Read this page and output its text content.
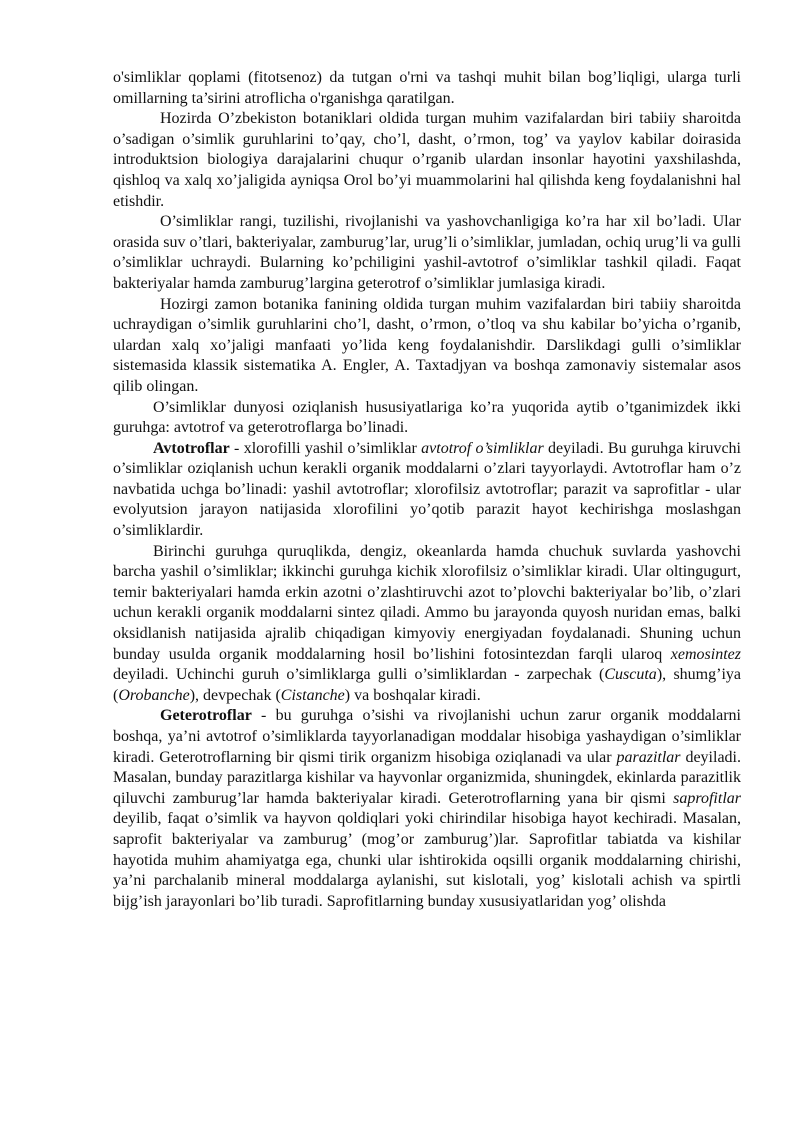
o'simliklar qoplami (fitotsenoz) da tutgan o'rni va tashqi muhit bilan bog’liqligi, ularga turli omillarning ta’sirini atroflicha o'rganishga qaratilgan.

Hozirda O’zbekiston botaniklari oldida turgan muhim vazifalardan biri tabiiy sharoitda o’sadigan o’simlik guruhlarini to’qay, cho’l, dasht, o’rmon, tog’ va yaylov kabilar doirasida introduktsion biologiya darajalarini chuqur o’rganib ulardan insonlar hayotini yaxshilashda, qishloq va xalq xo’jaligida ayniqsa Orol bo’yi muammolarini hal qilishda keng foydalanishni hal etishdir.

O’simliklar rangi, tuzilishi, rivojlanishi va yashovchanligiga ko’ra har xil bo’ladi. Ular orasida suv o’tlari, bakteriyalar, zamburug’lar, urug’li o’simliklar, jumladan, ochiq urug’li va gulli o’simliklar uchraydi. Bularning ko’pchiligini yashil-avtotrof o’simliklar tashkil qiladi. Faqat bakteriyalar hamda zamburug’largina geterotrof o’simliklar jumlasiga kiradi.

Hozirgi zamon botanika fanining oldida turgan muhim vazifalardan biri tabiiy sharoitda uchraydigan o’simlik guruhlarini cho’l, dasht, o’rmon, o’tloq va shu kabilar bo’yicha o’rganib, ulardan xalq xo’jaligi manfaati yo’lida keng foydalanishdir. Darslikdagi gulli o’simliklar sistemasida klassik sistematika A. Engler, A. Taxtadjyan va boshqa zamonaviy sistemalar asos qilib olingan.

O’simliklar dunyosi oziqlanish hususiyatlariga ko’ra yuqorida aytib o’tganimizdek ikki guruhga: avtotrof va geterotroflarga bo’linadi.

Avtotroflar - xlorofilli yashil o’simliklar avtotrof o’simliklar deyiladi. Bu guruhga kiruvchi o’simliklar oziqlanish uchun kerakli organik moddalarni o’zlari tayyorlaydi. Avtotroflar ham o’z navbatida uchga bo’linadi: yashil avtotroflar; xlorofilsiz avtotroflar; parazit va saprofitlar - ular evolyutsion jarayon natijasida xlorofilini yo’qotib parazit hayot kechirishga moslashgan o’simliklardir.

Birinchi guruhga quruqlikda, dengiz, okeanlarda hamda chuchuk suvlarda yashovchi barcha yashil o’simliklar; ikkinchi guruhga kichik xlorofilsiz o’simliklar kiradi. Ular oltingugurt, temir bakteriyalari hamda erkin azotni o’zlashtiruvchi azot to’plovchi bakteriyalar bo’lib, o’zlari uchun kerakli organik moddalarni sintez qiladi. Ammo bu jarayonda quyosh nuridan emas, balki oksidlanish natijasida ajralib chiqadigan kimyoviy energiyadan foydalanadi. Shuning uchun bunday usulda organik moddalarning hosil bo’lishini fotosintezdan farqli ularoq xemosintez deyiladi. Uchinchi guruh o’simliklarga gulli o’simliklardan - zarpechak (Cuscuta), shumg’iya (Orobanche), devpechak (Cistanche) va boshqalar kiradi.

Geterotroflar - bu guruhga o’sishi va rivojlanishi uchun zarur organik moddalarni boshqa, ya’ni avtotrof o’simliklarda tayyorlanadigan moddalar hisobiga yashaydigan o’simliklar kiradi. Geterotroflarning bir qismi tirik organizm hisobiga oziqlanadi va ular parazitlar deyiladi. Masalan, bunday parazitlarga kishilar va hayvonlar organizmida, shuningdek, ekinlarda parazitlik qiluvchi zamburug’lar hamda bakteriyalar kiradi. Geterotroflarning yana bir qismi saprofitlar deyilib, faqat o’simlik va hayvon qoldiqlari yoki chirindilar hisobiga hayot kechiradi. Masalan, saprofit bakteriyalar va zamburug’ (mog’or zamburug’)lar. Saprofitlar tabiatda va kishilar hayotida muhim ahamiyatga ega, chunki ular ishtirokida oqsilli organik moddalarning chirishi, ya’ni parchalanib mineral moddalarga aylanishi, sut kislotali, yog’ kislotali achish va spirtli bijg’ish jarayonlari bo’lib turadi. Saprofitlarning bunday xususiyatlaridan yog’ olishda
